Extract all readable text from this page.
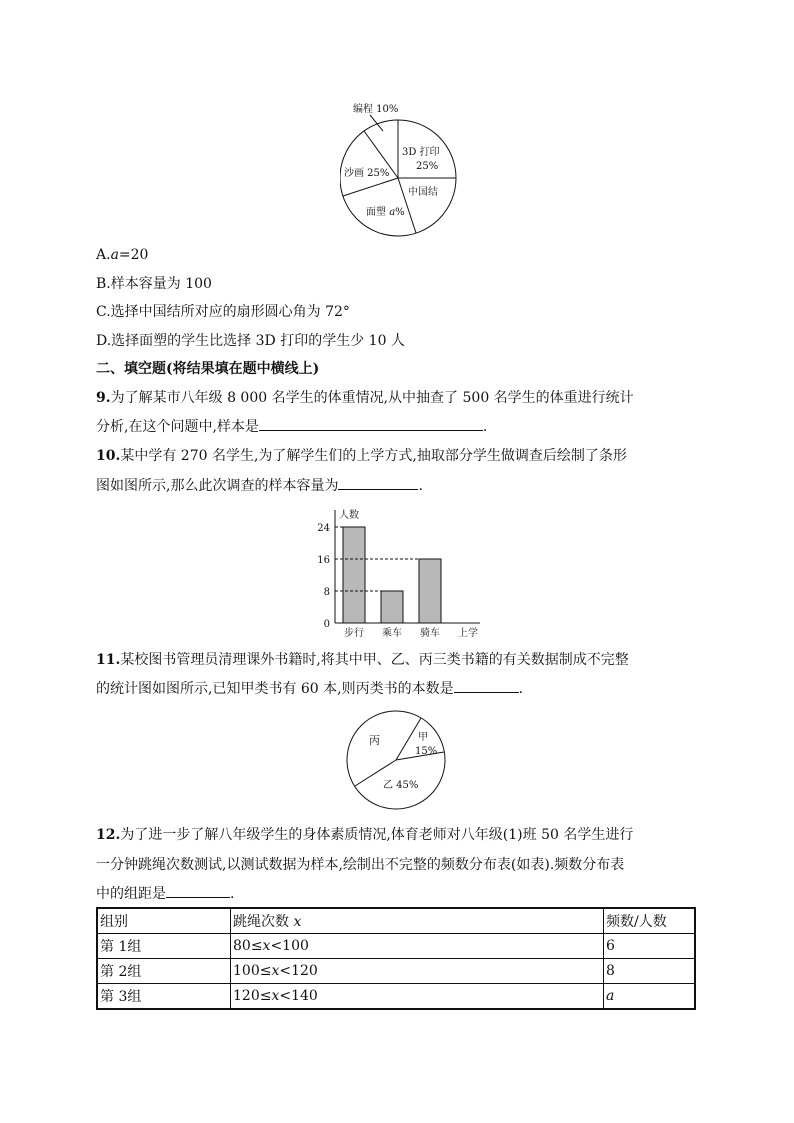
编程 10%
3D 打印
25%
中国结
面塑 a%
沙画 25%
A.a=20
B.样本容量为 100
C.选择中国结所对应的扇形圆心角为 72°
D.选择面塑的学生比选择 3D 打印的学生少 10 人
二、填空题(将结果填在题中横线上)
9.为了解某市八年级 8 000 名学生的体重情况,从中抽查了 500 名学生的体重进行统计
分析,在这个问题中,样本是	.
10.某中学有 270 名学生,为了解学生们的上学方式,抽取部分学生做调查后绘制了条形
图如图所示,那么此次调查的样本容量为	.
人数
上学
0
8
16
24
步行 乘车 骑车
11.某校图书管理员清理课外书籍时,将其中甲、乙、丙三类书籍的有关数据制成不完整
的统计图如图所示,已知甲类书有 60 本,则丙类书的本数是	.
丙	甲
15%
乙 45%
12.为了进一步了解八年级学生的身体素质情况,体育老师对八年级(1)班 50 名学生进行
一分钟跳绳次数测试,以测试数据为样本,绘制出不完整的频数分布表(如表).频数分布表
中的组距是	.
组别	跳绳次数 x	频数/人数
第 1组	80≤x<100	6
第 2组	100≤x<120	8
第 3组	120≤x<140	a
